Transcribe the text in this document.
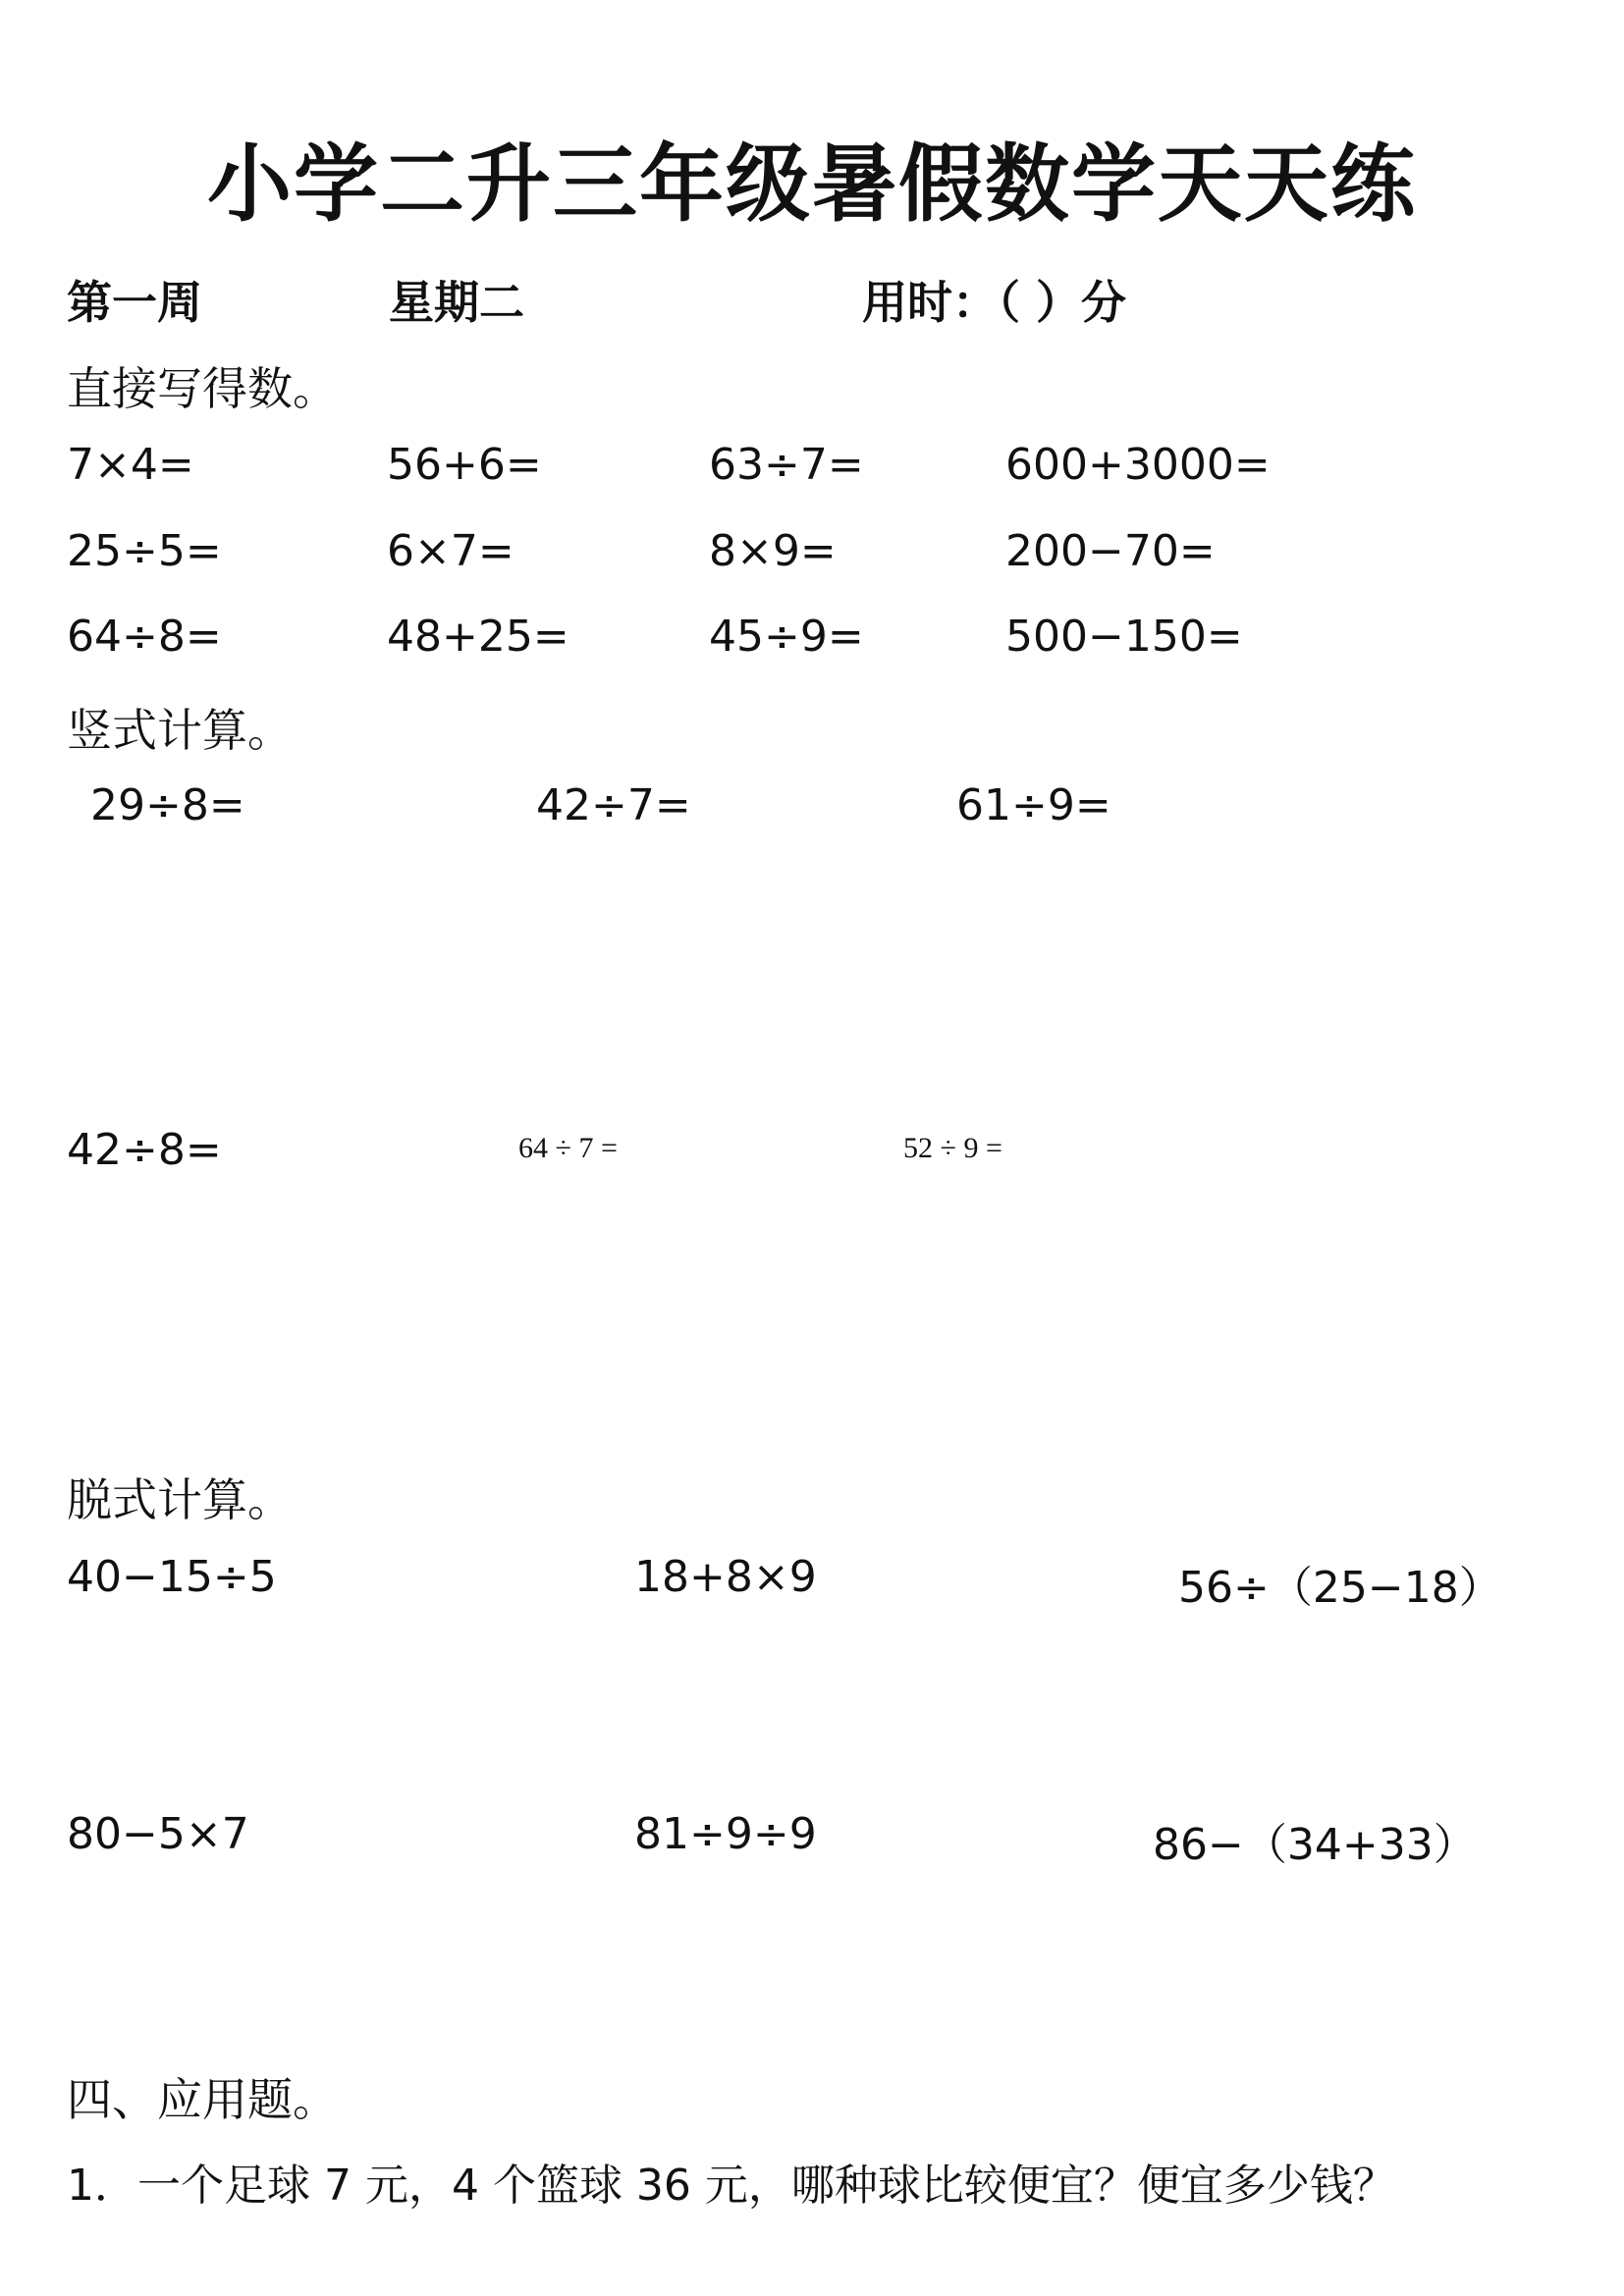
小学二升三年级暑假数学天天练
第一周	星期二	用时：（ ）分
直接写得数。
7×4=	56+6=	63÷7=	600+3000=
25÷5=	6×7=	8×9=	200−70=
64÷8=	48+25=	45÷9=	500−150=
竖式计算。
29÷8=	42÷7=	61÷9=
42÷8=	64 ÷ 7 =	52 ÷ 9 =
脱式计算。
40−15÷5	18+8×9	56÷（25−18）
80−5×7	81÷9÷9	86−（34+33）
四、应用题。
1．一个足球 7 元，4 个篮球 36 元，哪种球比较便宜？便宜多少钱？
